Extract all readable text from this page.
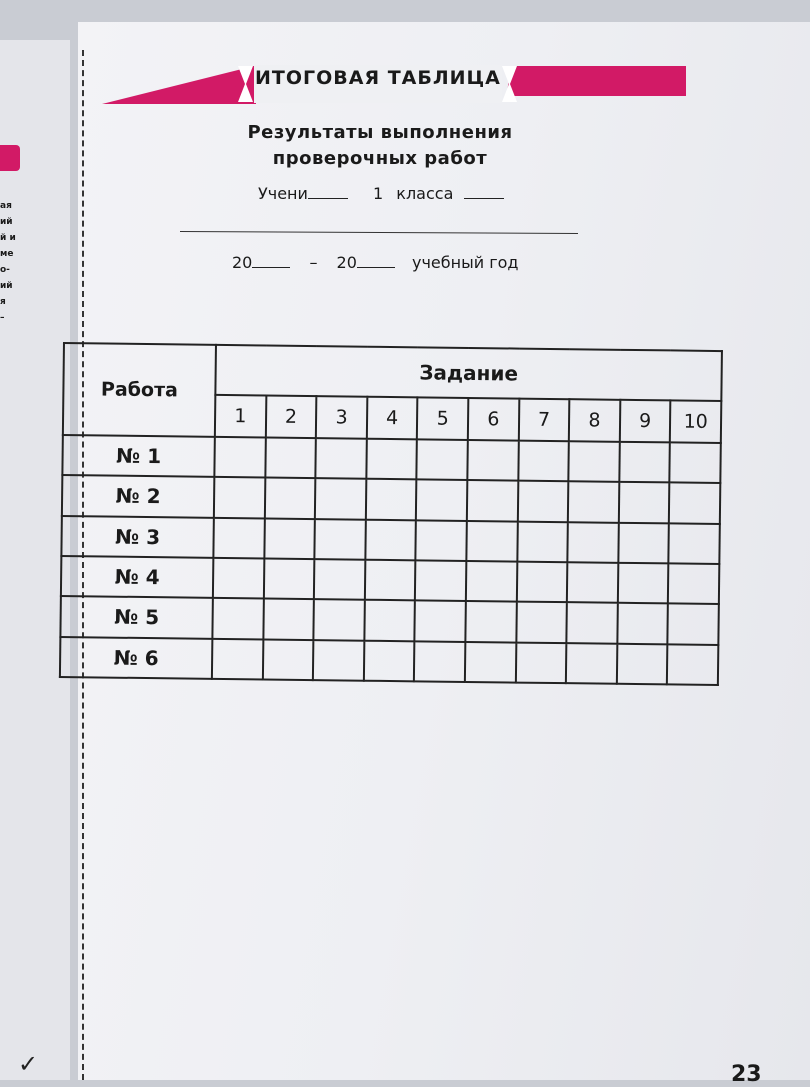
ая
ий
й и
ме
о-
ий
я
–
ИТОГОВАЯ ТАБЛИЦА
Результаты выполнения
проверочных работ
Учени	1 класса
20	– 20	учебный год
Работа	Задание									
	1	2	3	4	5	6	7	8	9	10
№ 1										
№ 2										
№ 3										
№ 4										
№ 5										
№ 6										
✓	23
